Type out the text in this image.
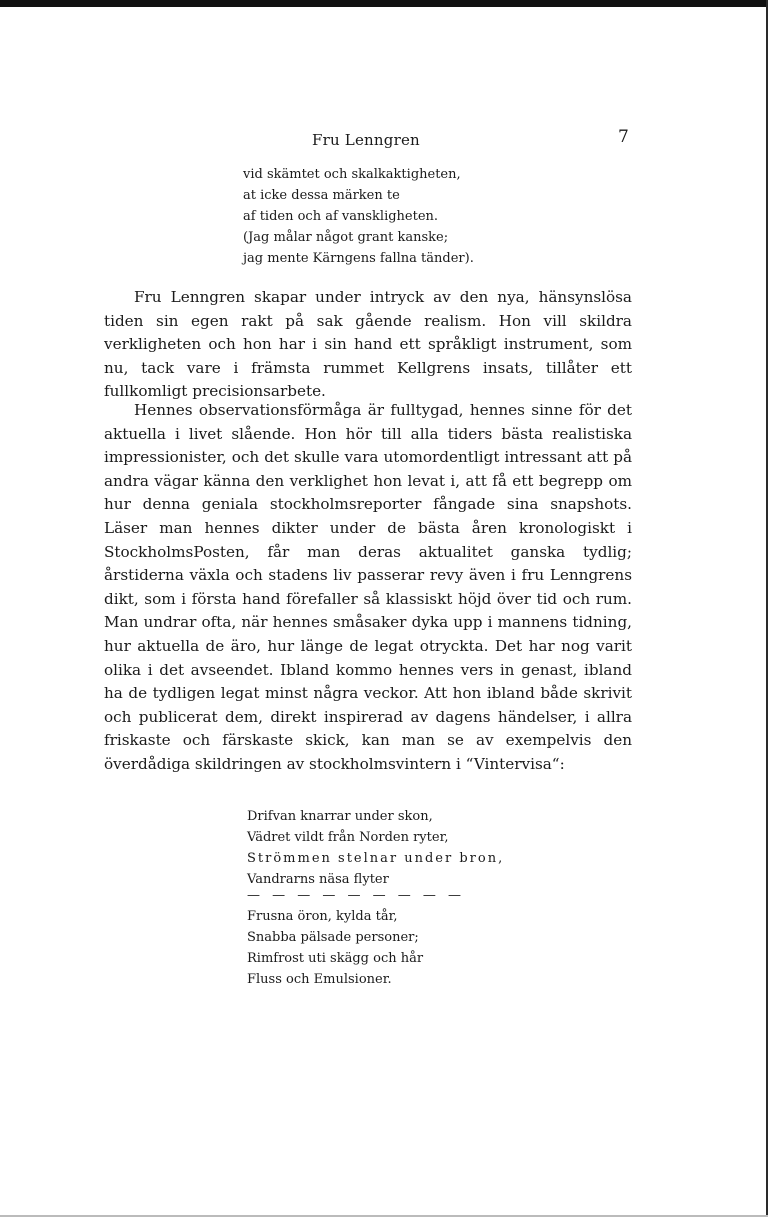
Fru Lenngren	7
vid skämtet och skalkaktigheten,
at icke dessa märken te
af tiden och af vanskligheten.
(Jag målar något grant kanske;
jag mente Kärngens fallna tänder).

Fru Lenngren skapar under intryck av den nya, hänsynslösa tiden sin egen rakt på sak gående realism. Hon vill skildra verkligheten och hon har i sin hand ett språkligt instrument, som nu, tack vare i främsta rummet Kellgrens insats, tillåter ett fullkomligt precisionsarbete.

Hennes observationsförmåga är fulltygad, hennes sinne för det aktuella i livet slående. Hon hör till alla tiders bästa realistiska impressionister, och det skulle vara utomordentligt intressant att på andra vägar känna den verklighet hon levat i, att få ett begrepp om hur denna geniala stockholmsreporter fångade sina snapshots. Läser man hennes dikter under de bästa åren kronologiskt i StockholmsPosten, får man deras aktualitet ganska tydlig; årstiderna växla och stadens liv passerar revy även i fru Lenngrens dikt, som i första hand förefaller så klassiskt höjd över tid och rum. Man undrar ofta, när hennes småsaker dyka upp i mannens tidning, hur aktuella de äro, hur länge de legat otryckta. Det har nog varit olika i det avseendet. Ibland kommo hennes vers in genast, ibland ha de tydligen legat minst några veckor. Att hon ibland både skrivit och publicerat dem, direkt inspirerad av dagens händelser, i allra friskaste och färskaste skick, kan man se av exempelvis den överdådiga skildringen av stockholmsvintern i “Vintervisa“:

Drifvan knarrar under skon,
Vädret vildt från Norden ryter,
Strömmen stelnar under bron,
Vandrarns näsa flyter
— — — — — — — — —
Frusna öron, kylda tår,
Snabba pälsade personer;
Rimfrost uti skägg och hår
Fluss och Emulsioner.
